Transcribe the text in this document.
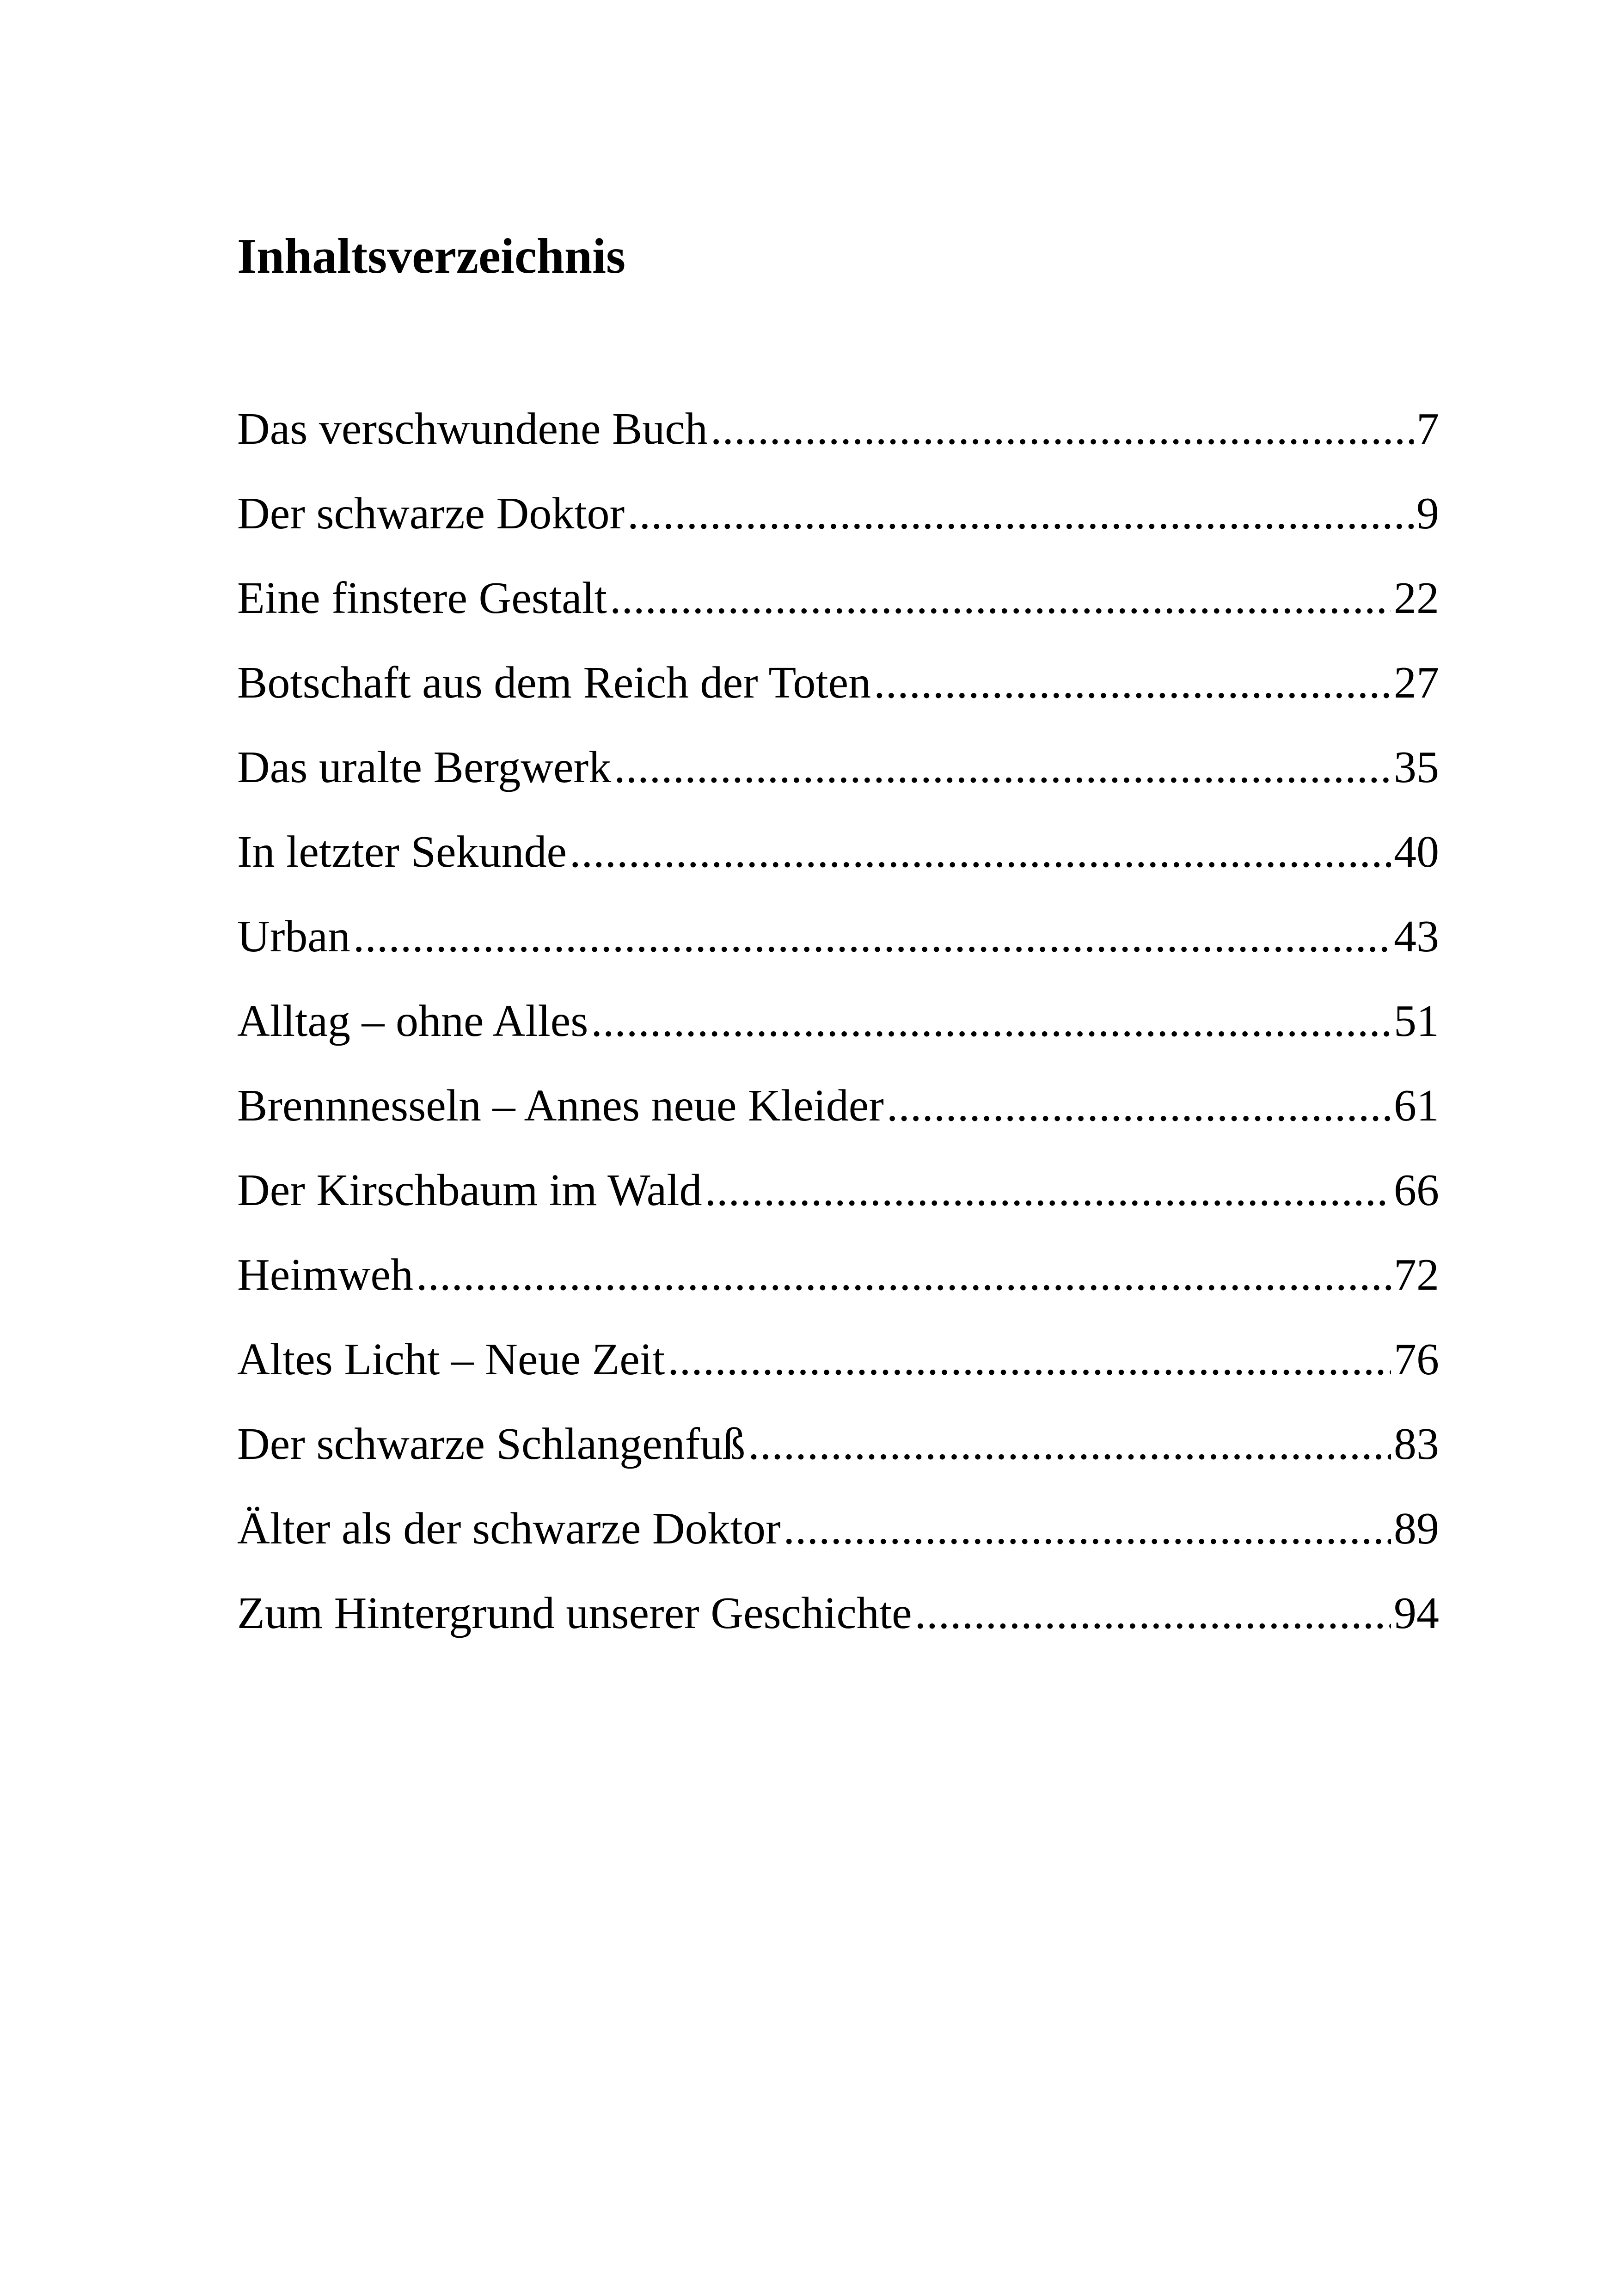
Inhaltsverzeichnis
Das verschwundene Buch .....	7
Der schwarze Doktor .....	9
Eine finstere Gestalt .....	22
Botschaft aus dem Reich der Toten .....	27
Das uralte Bergwerk .....	35
In letzter Sekunde .....	40
Urban .....	43
Alltag – ohne Alles .....	51
Brennnesseln – Annes neue Kleider .....	61
Der Kirschbaum im Wald .....	66
Heimweh .....	72
Altes Licht – Neue Zeit .....	76
Der schwarze Schlangenfuß .....	83
Älter als der schwarze Doktor .....	89
Zum Hintergrund unserer Geschichte .....	94
